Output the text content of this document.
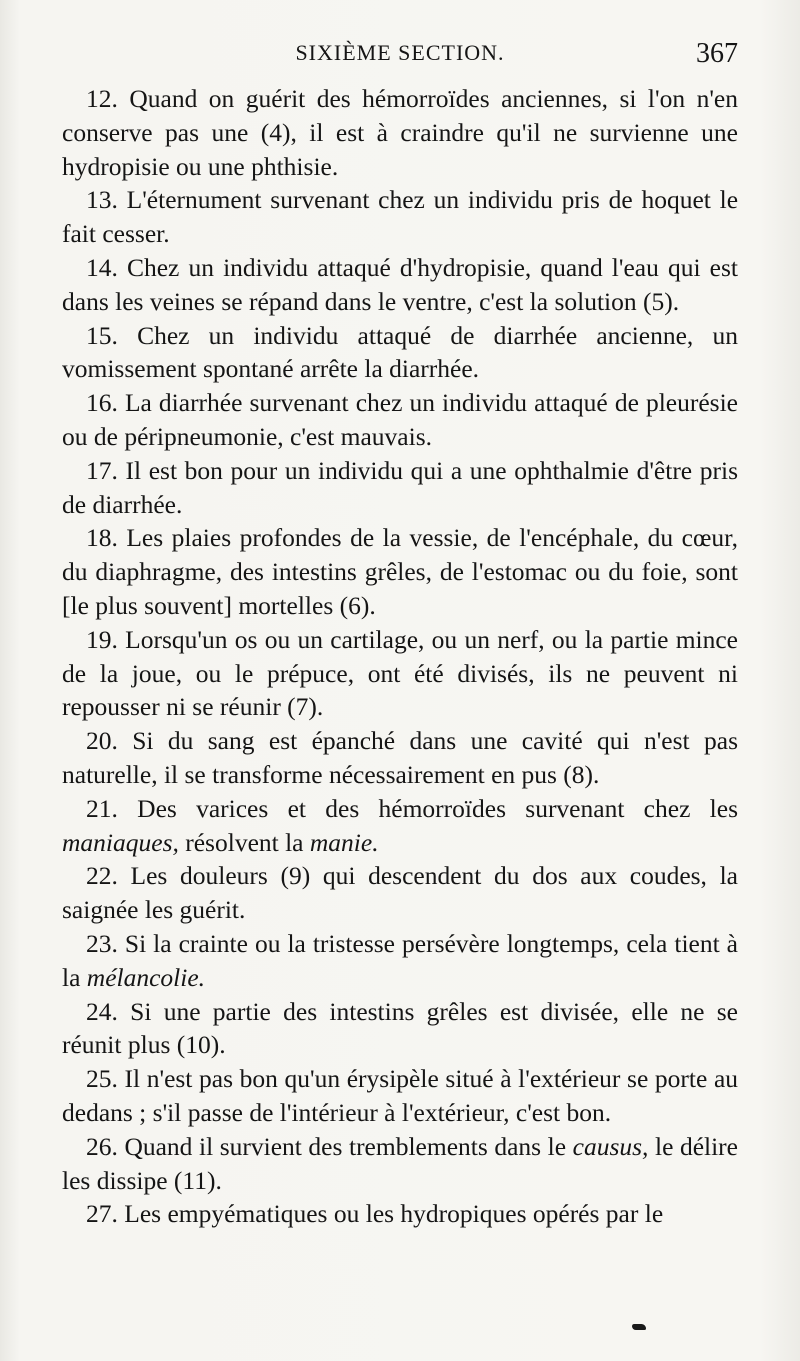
SIXIÈME SECTION.	367

12. Quand on guérit des hémorroïdes anciennes, si l'on n'en conserve pas une (4), il est à craindre qu'il ne survienne une hydropisie ou une phthisie.

13. L'éternument survenant chez un individu pris de hoquet le fait cesser.

14. Chez un individu attaqué d'hydropisie, quand l'eau qui est dans les veines se répand dans le ventre, c'est la solution (5).

15. Chez un individu attaqué de diarrhée ancienne, un vomissement spontané arrête la diarrhée.

16. La diarrhée survenant chez un individu attaqué de pleurésie ou de péripneumonie, c'est mauvais.

17. Il est bon pour un individu qui a une ophthalmie d'être pris de diarrhée.

18. Les plaies profondes de la vessie, de l'encéphale, du cœur, du diaphragme, des intestins grêles, de l'estomac ou du foie, sont [le plus souvent] mortelles (6).

19. Lorsqu'un os ou un cartilage, ou un nerf, ou la partie mince de la joue, ou le prépuce, ont été divisés, ils ne peuvent ni repousser ni se réunir (7).

20. Si du sang est épanché dans une cavité qui n'est pas naturelle, il se transforme nécessairement en pus (8).

21. Des varices et des hémorroïdes survenant chez les maniaques, résolvent la manie.

22. Les douleurs (9) qui descendent du dos aux coudes, la saignée les guérit.

23. Si la crainte ou la tristesse persévère longtemps, cela tient à la mélancolie.

24. Si une partie des intestins grêles est divisée, elle ne se réunit plus (10).

25. Il n'est pas bon qu'un érysipèle situé à l'extérieur se porte au dedans ; s'il passe de l'intérieur à l'extérieur, c'est bon.

26. Quand il survient des tremblements dans le causus, le délire les dissipe (11).

27. Les empyématiques ou les hydropiques opérés par le
